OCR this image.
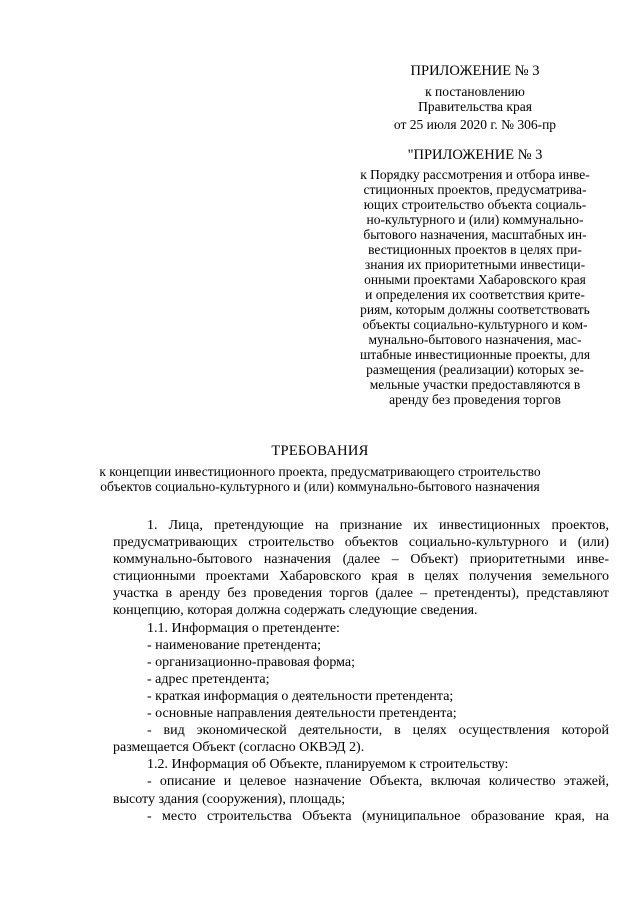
ПРИЛОЖЕНИЕ № 3
к постановлению
Правительства края
от 25 июля 2020 г. № 306-пр
"ПРИЛОЖЕНИЕ № 3
к Порядку рассмотрения и отбора инве-
стиционных проектов, предусматрива-
ющих строительство объекта социаль-
но-культурного и (или) коммунально-
бытового назначения, масштабных ин-
вестиционных проектов в целях при-
знания их приоритетными инвестици-
онными проектами Хабаровского края
и определения их соответствия крите-
риям, которым должны соответствовать
объекты социально-культурного и ком-
мунально-бытового назначения, мас-
штабные инвестиционные проекты, для
размещения (реализации) которых зе-
мельные участки предоставляются в
аренду без проведения торгов
ТРЕБОВАНИЯ
к концепции инвестиционного проекта, предусматривающего строительство
объектов социально-культурного и (или) коммунально-бытового назначения
1. Лица, претендующие на признание их инвестиционных проектов,
предусматривающих строительство объектов социально-культурного и (или)
коммунально-бытового назначения (далее – Объект) приоритетными инве-
стиционными проектами Хабаровского края в целях получения земельного
участка в аренду без проведения торгов (далее – претенденты), представляют
концепцию, которая должна содержать следующие сведения.
1.1. Информация о претенденте:
- наименование претендента;
- организационно-правовая форма;
- адрес претендента;
- краткая информация о деятельности претендента;
- основные направления деятельности претендента;
- вид экономической деятельности, в целях осуществления которой
размещается Объект (согласно ОКВЭД 2).
1.2. Информация об Объекте, планируемом к строительству:
- описание и целевое назначение Объекта, включая количество этажей,
высоту здания (сооружения), площадь;
- место строительства Объекта (муниципальное образование края, на
